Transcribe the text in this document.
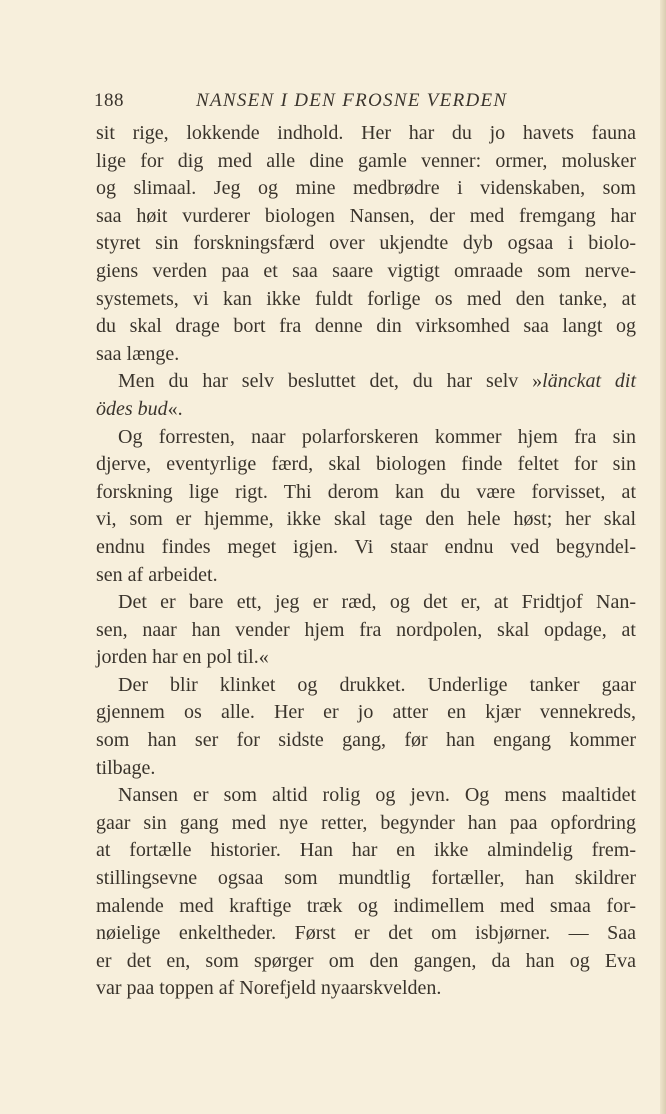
188	NANSEN I DEN FROSNE VERDEN
sit rige, lokkende indhold. Her har du jo havets fauna
lige for dig med alle dine gamle venner: ormer, molusker
og slimaal. Jeg og mine medbrødre i videnskaben, som
saa høit vurderer biologen Nansen, der med fremgang har
styret sin forskningsfærd over ukjendte dyb ogsaa i biolo-
giens verden paa et saa saare vigtigt omraade som nerve-
systemets, vi kan ikke fuldt forlige os med den tanke, at
du skal drage bort fra denne din virksomhed saa langt og
saa længe.
Men du har selv besluttet det, du har selv »länckat dit
ödes bud«.
Og forresten, naar polarforskeren kommer hjem fra sin
djerve, eventyrlige færd, skal biologen finde feltet for sin
forskning lige rigt. Thi derom kan du være forvisset, at
vi, som er hjemme, ikke skal tage den hele høst; her skal
endnu findes meget igjen. Vi staar endnu ved begyndel-
sen af arbeidet.
Det er bare ett, jeg er ræd, og det er, at Fridtjof Nan-
sen, naar han vender hjem fra nordpolen, skal opdage, at
jorden har en pol til.«
Der blir klinket og drukket. Underlige tanker gaar
gjennem os alle. Her er jo atter en kjær vennekreds,
som han ser for sidste gang, før han engang kommer
tilbage.
Nansen er som altid rolig og jevn. Og mens maaltidet
gaar sin gang med nye retter, begynder han paa opfordring
at fortælle historier. Han har en ikke almindelig frem-
stillingsevne ogsaa som mundtlig fortæller, han skildrer
malende med kraftige træk og indimellem med smaa for-
nøielige enkeltheder. Først er det om isbjørner. — Saa
er det en, som spørger om den gangen, da han og Eva
var paa toppen af Norefjeld nyaarskvelden.
